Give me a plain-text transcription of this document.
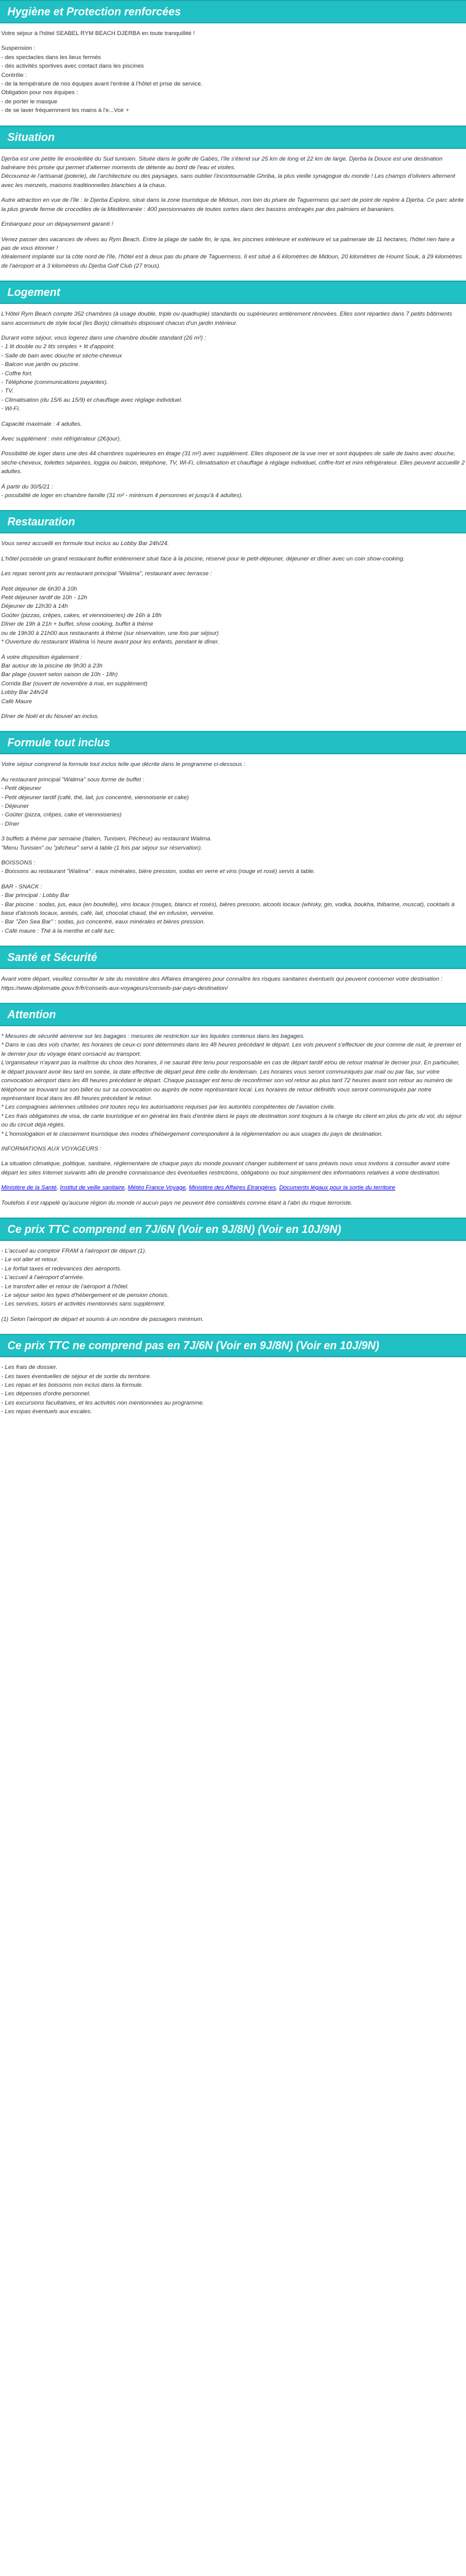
Hygiène et Protection renforcées
Votre séjour à l'hôtel SEABEL RYM BEACH DJERBA en toute tranquillité !
Suspension :
- des spectacles dans les lieux fermés
- des activités sportives avec contact dans les piscines
Contrôle :
- de la température de nos équipes avant l'entrée à l'hôtel et prise de service.
Obligation pour nos équipes :
- de porter le masque
- de se laver fréquemment les mains à l'e...Voir +
Situation
Djerba est une petite île ensoleillée du Sud tunisien. Située dans le golfe de Gabès, l'île s'étend sur 25 km de long et 22 km de large. Djerba la Douce est une destination balnéaire très prisée qui permet d'alterner moments de détente au bord de l'eau et visites.
Découvrez-le l'artisanat (poterie), de l'architecture ou des paysages, sans oublier l'incontournable Ghriba, la plus vieille synagogue du monde ! Les champs d'oliviers alternent avec les menzels, maisons traditionnelles blanchies à la chaux.
Autre attraction en vue de l'île : le Djerba Explore, situé dans la zone touristique de Midoun, non loin du phare de Taguermess qui sert de point de repère à Djerba. Ce parc abrite la plus grande ferme de crocodiles de la Méditerranée : 400 pensionnaires de toutes sortes dans des bassins ombragés par des palmiers et bananiers.
Embarquez pour un dépaysement garanti !
Venez passer des vacances de rêves au Rym Beach. Entre la plage de sable fin, le spa, les piscines intérieure et extérieure et sa palmeraie de 11 hectares, l'hôtel rien faire a pas de vous étonner !
Idéalement implanté sur la côte nord de l'île, l'hôtel est à deux pas du phare de Taguermess. Il est situé à 6 kilomètres de Midoun, 20 kilomètres de Houmt Souk, à 29 kilomètres de l'aéroport et à 3 kilomètres du Djerba Golf Club (27 trous).
Logement
L'Hôtel Rym Beach compte 352 chambres (à usage double, triple ou quadruple) standards ou supérieures entièrement rénovées. Elles sont réparties dans 7 petits bâtiments sans ascenseurs de style local (les Borjs) climatisés disposant chacun d'un jardin intérieur.
Durant votre séjour, vous logerez dans une chambre double standard (26 m²) :
- 1 lit double ou 2 lits simples + lit d'appoint.
- Salle de bain avec douche et sèche-cheveux
- Balcon vue jardin ou piscine.
- Coffre fort.
- Téléphone (communications payantes).
- TV.
- Climatisation (du 15/6 au 15/9) et chauffage avec réglage individuel.
- Wi-Fi.
Capacité maximale : 4 adultes.
Avec supplément : mini réfrigérateur (2€/jour).
Possibilité de loger dans une des 44 chambres supérieures en étage (31 m²) avec supplément. Elles disposent de la vue mer et sont équipées de salle de bains avec douche, sèche-cheveux, toilettes séparées, loggia ou balcon, téléphone, TV, Wi-Fi, climatisation et chauffage à réglage individuel, coffre-fort et mini réfrigérateur. Elles peuvent accueillir 2 adultes.
À partir du 30/5/21 :
- possibilité de loger en chambre famille (31 m² - minimum 4 personnes et jusqu'à 4 adultes).
Restauration
Vous serez accueilli en formule tout inclus au Lobby Bar 24h/24.
L'hôtel possède un grand restaurant buffet entièrement situé face à la piscine, réservé pour le petit-déjeuner, déjeuner et dîner avec un coin show-cooking.
Les repas seront pris au restaurant principal "Walima", restaurant avec terrasse :
Petit déjeuner de 6h30 à 10h
Petit déjeuner tardif de 10h - 12h
Déjeuner de 12h30 à 14h
Goûter (pizzas, crêpes, cakes, et viennoiseries) de 16h à 18h
Dîner de 19h à 21h + buffet, show cooking, buffet à thème
ou de 19h30 à 21h00 aux restaurants à thème (sur réservation, une fois par séjour)
* Ouverture du restaurant Walima ½ heure avant pour les enfants, pendant le dîner.
À votre disposition également :
Bar autour de la piscine de 9h30 à 23h
Bar plage (ouvert selon saison de 10h - 18h)
Corrida Bar (ouvert de novembre à mai, en supplément)
Lobby Bar 24h/24
Café Maure
Dîner de Noël et du Nouvel an inclus.
Formule tout inclus
Votre séjour comprend la formule tout inclus telle que décrite dans le programme ci-dessous :
Au restaurant principal "Walima" sous forme de buffet :
- Petit déjeuner
- Petit déjeuner tardif (café, thé, lait, jus concentré, viennoiserie et cake)
- Déjeuner
- Goûter (pizza, crêpes, cake et viennoiseries)
- Dîner
3 buffets à thème par semaine (Italien, Tunisien, Pêcheur) au restaurant Walima.
"Menu Tunisien" ou "pêcheur" servi à table (1 fois par séjour sur réservation).
BOISSONS :
- Boissons au restaurant "Walima" : eaux minérales, bière pression, sodas en verre et vins (rouge et rosé) servis à table.
BAR - SNACK :
- Bar principal : Lobby Bar
- Bar piscine : sodas, jus, eaux (en bouteille), vins locaux (rouges, blancs et rosés), bières pression, alcools locaux (whisky, gin, vodka, boukha, thibarine, muscat), cocktails à base d'alcools locaux, anisés, café, lait, chocolat chaud, thé en infusion, verveine.
- Bar "Zen Sea Bar" : sodas, jus concentré, eaux minérales et bières pression.
- Café maure : Thé à la menthe et café turc.
Santé et Sécurité
Avant votre départ, veuillez consulter le site du ministère des Affaires étrangères pour connaître les risques sanitaires éventuels qui peuvent concerner votre destination : https://www.diplomatie.gouv.fr/fr/conseils-aux-voyageurs/conseils-par-pays-destination/
Attention
* Mesures de sécurité aérienne sur les bagages : mesures de restriction sur les liquides contenus dans les bagages.
* Dans le cas des vols charter, les horaires de ceux-ci sont déterminés dans les 48 heures précédant le départ. Les vols peuvent s'effectuer de jour comme de nuit, le premier et le dernier jour du voyage étant consacré au transport.
L'organisateur n'ayant pas la maîtrise du choix des horaires, il ne saurait être tenu pour responsable en cas de départ tardif et/ou de retour matinal le dernier jour. En particulier, le départ pouvant avoir lieu tard en soirée, la date effective de départ peut être celle du lendemain. Les horaires vous seront communiqués par mail ou par fax, sur votre convocation aéroport dans les 48 heures précédant le départ. Chaque passager est tenu de reconfirmer son vol retour au plus tard 72 heures avant son retour au numéro de téléphone se trouvant sur son billet ou sur sa convocation ou auprès de notre représentant local. Les horaires de retour définitifs vous seront communiqués par notre représentant local dans les 48 heures précédant le retour.
* Les compagnies aériennes utilisées ont toutes reçu les autorisations requises par les autorités compétentes de l'aviation civile.
* Les frais obligatoires de visa, de carte touristique et en général les frais d'entrée dans le pays de destination sont toujours à la charge du client en plus du prix du vol, du séjour ou du circuit déjà réglés.
* L'homologation et le classement touristique des modes d'hébergement correspondent à la réglementation ou aux usages du pays de destination.
INFORMATIONS AUX VOYAGEURS :
La situation climatique, politique, sanitaire, réglementaire de chaque pays du monde pouvant changer subitement et sans préavis nous vous invitons à consulter avant votre départ les sites Internet suivants afin de prendre connaissance des éventuelles restrictions, obligations ou tout simplement des informations relatives à votre destination.
Ministère de la Santé, Institut de veille sanitaire, Météo France Voyage, Ministère des Affaires Etrangères, Documents légaux pour la sortie du territoire
Toutefois il est rappelé qu'aucune région du monde ni aucun pays ne peuvent être considérés comme étant à l'abri du risque terroriste.
Ce prix TTC comprend en 7J/6N (Voir en 9J/8N) (Voir en 10J/9N)
- L'accueil au comptoir FRAM à l'aéroport de départ (1).
- Le vol aller et retour.
- Le forfait taxes et redevances des aéroports.
- L'accueil à l'aéroport d'arrivée.
- Le transfert aller et retour de l'aéroport à l'hôtel.
- Le séjour selon les types d'hébergement et de pension choisis.
- Les services, loisirs et activités mentionnés sans supplément.
(1) Selon l'aéroport de départ et soumis à un nombre de passagers minimum.
Ce prix TTC ne comprend pas en 7J/6N (Voir en 9J/8N) (Voir en 10J/9N)
- Les frais de dossier.
- Les taxes éventuelles de séjour et de sortie du territoire.
- Les repas et les boissons non inclus dans la formule.
- Les dépenses d'ordre personnel.
- Les excursions facultatives, et les activités non mentionnées au programme.
- Les repas éventuels aux escales.
